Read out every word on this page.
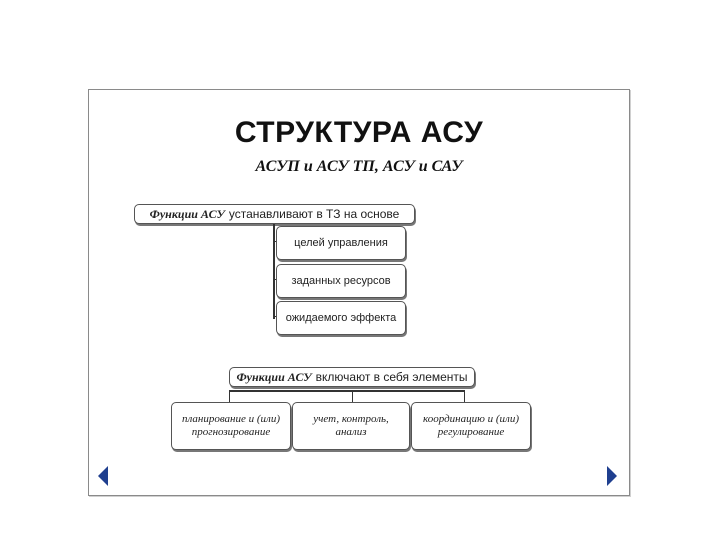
СТРУКТУРА АСУ
АСУП и АСУ ТП, АСУ и САУ
Функции АСУ устанавливают в ТЗ на основе
целей управления
заданных ресурсов
ожидаемого эффекта
Функции АСУ включают в себя элементы
планирование и (или) прогнозирование
учет, контроль, анализ
координацию и (или) регулирование
